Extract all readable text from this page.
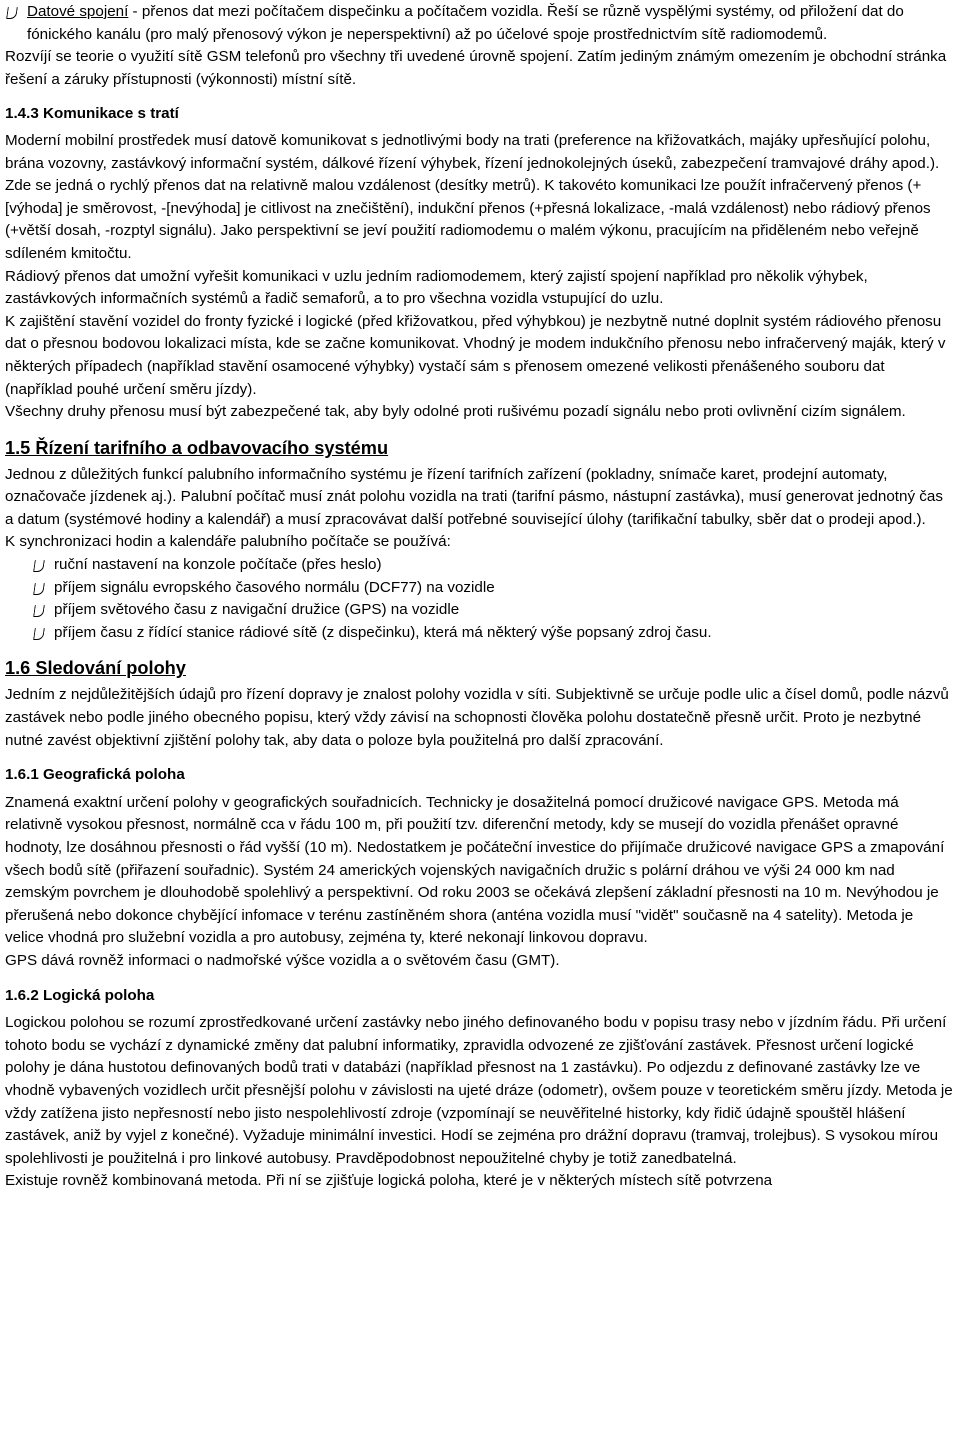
Datové spojení - přenos dat mezi počítačem dispečinku a počítačem vozidla. Řeší se různě vyspělými systémy, od přiložení dat do fónického kanálu (pro malý přenosový výkon je neperspektivní) až po účelové spoje prostřednictvím sítě radiomodemů.

Rozvíjí se teorie o využití sítě GSM telefonů pro všechny tři uvedené úrovně spojení. Zatím jediným známým omezením je obchodní stránka řešení a záruky přístupnosti (výkonnosti) místní sítě.

1.4.3 Komunikace s tratí

Moderní mobilní prostředek musí datově komunikovat s jednotlivými body na trati (preference na křižovatkách, majáky upřesňující polohu, brána vozovny, zastávkový informační systém, dálkové řízení výhybek, řízení jednokolejných úseků, zabezpečení tramvajové dráhy apod.). Zde se jedná o rychlý přenos dat na relativně malou vzdálenost (desítky metrů). K takovéto komunikaci lze použít infračervený přenos (+[výhoda] je směrovost, -[nevýhoda] je citlivost na znečištění), indukční přenos (+přesná lokalizace, -malá vzdálenost) nebo rádiový přenos (+větší dosah, -rozptyl signálu). Jako perspektivní se jeví použití radiomodemu o malém výkonu, pracujícím na přiděleném nebo veřejně sdíleném kmitočtu.

Rádiový přenos dat umožní vyřešit komunikaci v uzlu jedním radiomodemem, který zajistí spojení například pro několik výhybek, zastávkových informačních systémů a řadič semaforů, a to pro všechna vozidla vstupující do uzlu.

K zajištění stavění vozidel do fronty fyzické i logické (před křižovatkou, před výhybkou) je nezbytně nutné doplnit systém rádiového přenosu dat o přesnou bodovou lokalizaci místa, kde se začne komunikovat. Vhodný je modem indukčního přenosu nebo infračervený maják, který v některých případech (například stavění osamocené výhybky) vystačí sám s přenosem omezené velikosti přenášeného souboru dat (například pouhé určení směru jízdy).

Všechny druhy přenosu musí být zabezpečené tak, aby byly odolné proti rušivému pozadí signálu nebo proti ovlivnění cizím signálem.

1.5 Řízení tarifního a odbavovacího systému

Jednou z důležitých funkcí palubního informačního systému je řízení tarifních zařízení (pokladny, snímače karet, prodejní automaty, označovače jízdenek aj.). Palubní počítač musí znát polohu vozidla na trati (tarifní pásmo, nástupní zastávka), musí generovat jednotný čas a datum (systémové hodiny a kalendář) a musí zpracovávat další potřebné související úlohy (tarifikační tabulky, sběr dat o prodeji apod.).

K synchronizaci hodin a kalendáře palubního počítače se používá:

ruční nastavení na konzole počítače (přes heslo)
příjem signálu evropského časového normálu (DCF77) na vozidle
příjem světového času z navigační družice (GPS) na vozidle
příjem času z řídící stanice rádiové sítě (z dispečinku), která má některý výše popsaný zdroj času.

1.6 Sledování polohy

Jedním z nejdůležitějších údajů pro řízení dopravy je znalost polohy vozidla v síti. Subjektivně se určuje podle ulic a čísel domů, podle názvů zastávek nebo podle jiného obecného popisu, který vždy závisí na schopnosti člověka polohu dostatečně přesně určit. Proto je nezbytné nutné zavést objektivní zjištění polohy tak, aby data o poloze byla použitelná pro další zpracování.

1.6.1 Geografická poloha

Znamená exaktní určení polohy v geografických souřadnicích. Technicky je dosažitelná pomocí družicové navigace GPS. Metoda má relativně vysokou přesnost, normálně cca v řádu 100 m, při použití tzv. diferenční metody, kdy se musejí do vozidla přenášet opravné hodnoty, lze dosáhnou přesnosti o řád vyšší (10 m). Nedostatkem je počáteční investice do přijímače družicové navigace GPS a zmapování všech bodů sítě (přiřazení souřadnic). Systém 24 amerických vojenských navigačních družic s polární dráhou ve výši 24 000 km nad zemským povrchem je dlouhodobě spolehlivý a perspektivní. Od roku 2003 se očekává zlepšení základní přesnosti na 10 m. Nevýhodou je přerušená nebo dokonce chybějící infomace v terénu zastíněném shora (anténa vozidla musí "vidět" současně na 4 satelity). Metoda je velice vhodná pro služební vozidla a pro autobusy, zejména ty, které nekonají linkovou dopravu.

GPS dává rovněž informaci o nadmořské výšce vozidla a o světovém času (GMT).

1.6.2 Logická poloha

Logickou polohou se rozumí zprostředkované určení zastávky nebo jiného definovaného bodu v popisu trasy nebo v jízdním řádu. Při určení tohoto bodu se vychází z dynamické změny dat palubní informatiky, zpravidla odvozené ze zjišťování zastávek. Přesnost určení logické polohy je dána hustotou definovaných bodů trati v databázi (například přesnost na 1 zastávku). Po odjezdu z definované zastávky lze ve vhodně vybavených vozidlech určit přesnější polohu v závislosti na ujeté dráze (odometr), ovšem pouze v teoretickém směru jízdy. Metoda je vždy zatížena jisto nepřesností nebo jisto nespolehlivostí zdroje (vzpomínají se neuvěřitelné historky, kdy řidič údajně spouštěl hlášení zastávek, aniž by vyjel z konečné). Vyžaduje minimální investici. Hodí se zejména pro drážní dopravu (tramvaj, trolejbus). S vysokou mírou spolehlivosti je použitelná i pro linkové autobusy. Pravděpodobnost nepoužitelné chyby je totiž zanedbatelná.

Existuje rovněž kombinovaná metoda. Při ní se zjišťuje logická poloha, které je v některých místech sítě potvrzena
